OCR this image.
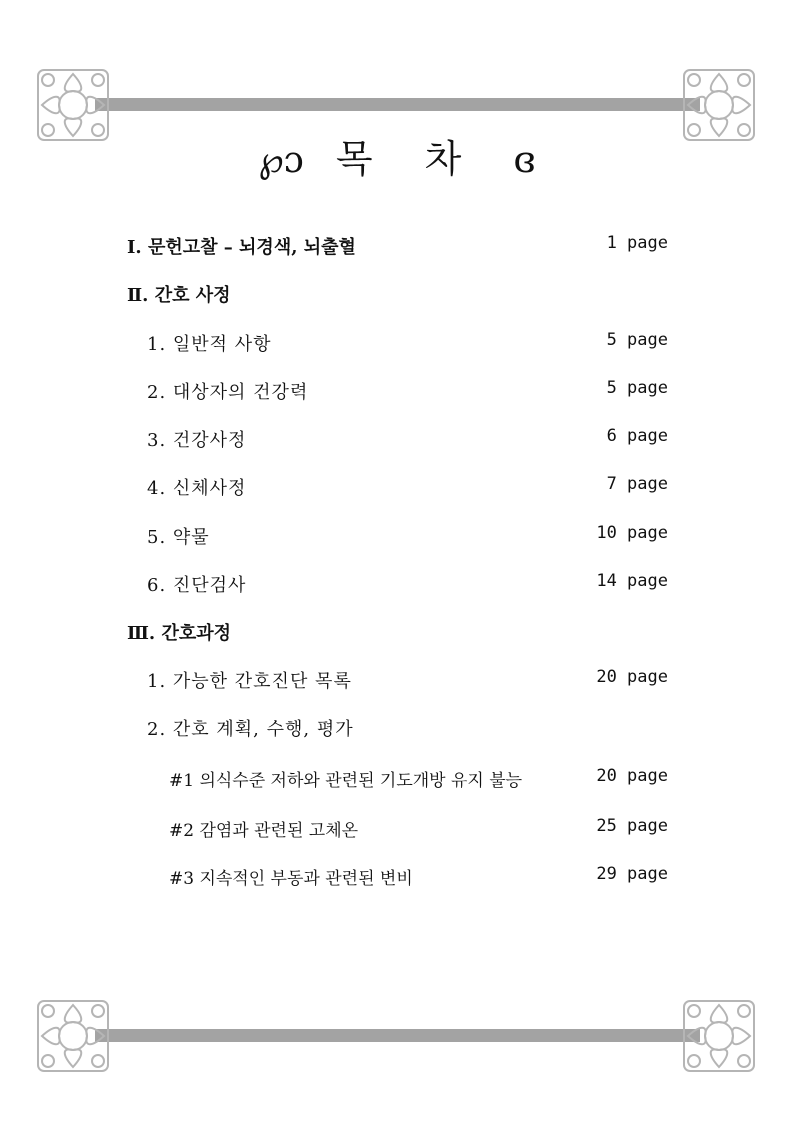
℘ɔ 목 차 ɞ
Ⅰ. 문헌고찰 – 뇌경색, 뇌출혈	1 page
Ⅱ. 간호 사정
1. 일반적 사항	5 page
2. 대상자의 건강력	5 page
3. 건강사정	6 page
4. 신체사정	7 page
5. 약물	10 page
6. 진단검사	14 page
Ⅲ. 간호과정
1. 가능한 간호진단 목록	20 page
2. 간호 계획, 수행, 평가
#1 의식수준 저하와 관련된 기도개방 유지 불능	20 page
#2 감염과 관련된 고체온	25 page
#3 지속적인 부동과 관련된 변비	29 page
